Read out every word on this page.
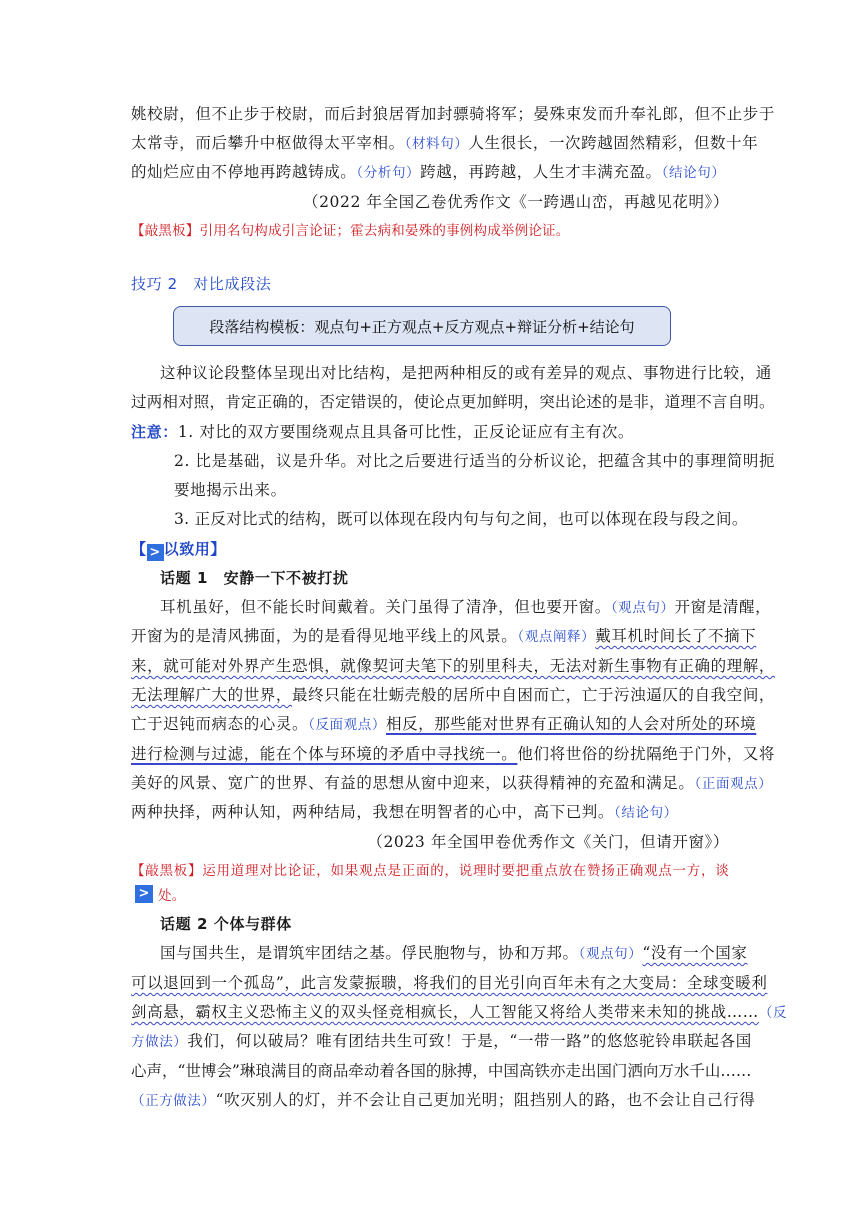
姚校尉，但不止步于校尉，而后封狼居胥加封骠骑将军；晏殊束发而升奉礼郎，但不止步于
太常寺，而后攀升中枢做得太平宰相。（材料句）人生很长，一次跨越固然精彩，但数十年
的灿烂应由不停地再跨越铸成。（分析句）跨越，再跨越，人生才丰满充盈。（结论句）
（2022 年全国乙卷优秀作文《一跨遇山峦，再越见花明》）
【敲黑板】引用名句构成引言论证；霍去病和晏殊的事例构成举例论证。
技巧 2　对比成段法
段落结构模板：观点句+正方观点+反方观点+辩证分析+结论句
这种议论段整体呈现出对比结构，是把两种相反的或有差异的观点、事物进行比较，通
过两相对照，肯定正确的，否定错误的，使论点更加鲜明，突出论述的是非，道理不言自明。
注意：1. 对比的双方要围绕观点且具备可比性，正反论证应有主有次。
2. 比是基础，议是升华。对比之后要进行适当的分析议论，把蕴含其中的事理简明扼
要地揭示出来。
3. 正反对比式的结构，既可以体现在段内句与句之间，也可以体现在段与段之间。
【 > 以致用】
话题 1　安静一下不被打扰
耳机虽好，但不能长时间戴着。关门虽得了清净，但也要开窗。（观点句）开窗是清醒，
开窗为的是清风拂面，为的是看得见地平线上的风景。（观点阐释）戴耳机时间长了不摘下
来，就可能对外界产生恐惧，就像契诃夫笔下的别里科夫，无法对新生事物有正确的理解，
无法理解广大的世界，最终只能在壮蛎壳般的居所中自困而亡，亡于污浊逼仄的自我空间，
亡于迟钝而病态的心灵。（反面观点）相反，那些能对世界有正确认知的人会对所处的环境
进行检测与过滤，能在个体与环境的矛盾中寻找统一。他们将世俗的纷扰隔绝于门外，又将
美好的风景、宽广的世界、有益的思想从窗中迎来，以获得精神的充盈和满足。（正面观点）
两种抉择，两种认知，两种结局，我想在明智者的心中，高下已判。（结论句）
（2023 年全国甲卷优秀作文《关门，但请开窗》）
【敲黑板】运用道理对比论证，如果观点是正面的，说理时要把重点放在赞扬正确观点一方，谈
处。
>
话题 2 个体与群体
国与国共生，是谓筑牢团结之基。俘民胞物与，协和万邦。（观点句）“没有一个国家
可以退回到一个孤岛”，此言发蒙振聩，将我们的目光引向百年未有之大变局：全球变暖利
剑高悬，霸权主义恐怖主义的双头怪竞相疯长，人工智能又将给人类带来未知的挑战……（反
方做法）我们，何以破局？唯有团结共生可致！于是，“一带一路”的悠悠驼铃串联起各国
心声，“世博会”琳琅满目的商品牵动着各国的脉搏，中国高铁亦走出国门洒向万水千山……
（正方做法）“吹灭别人的灯，并不会让自己更加光明；阻挡别人的路，也不会让自己行得
